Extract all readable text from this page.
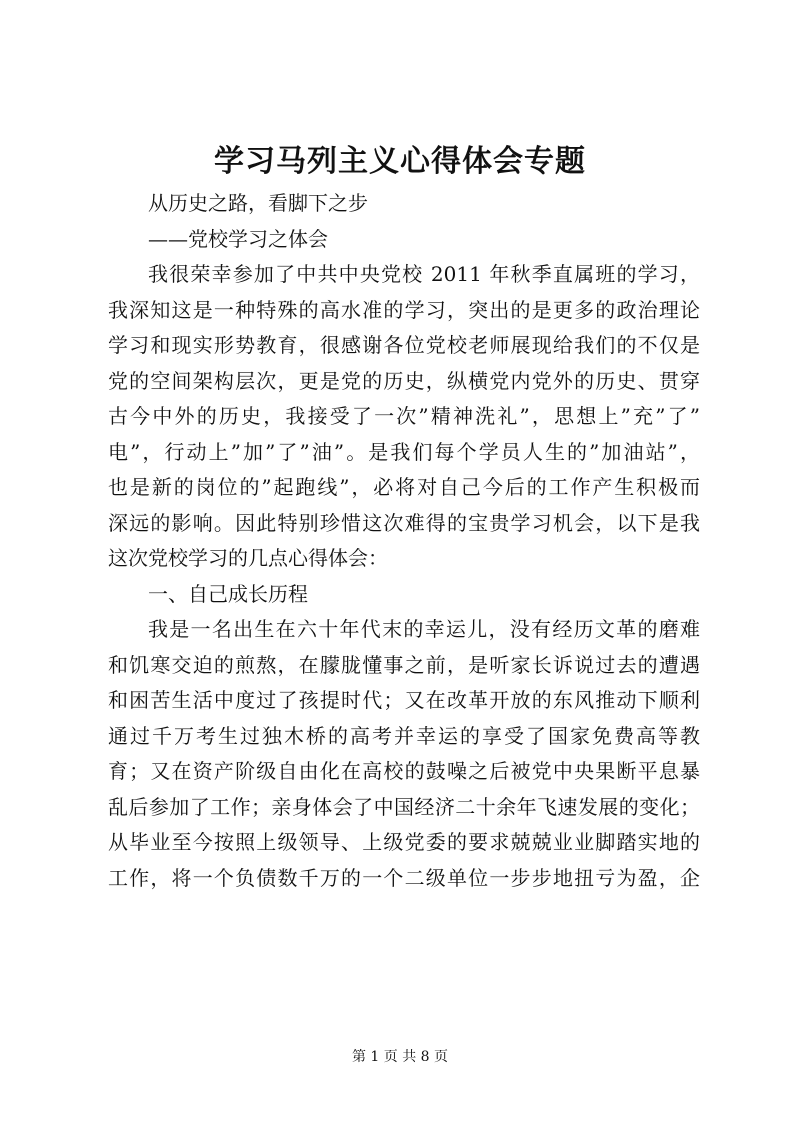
学习马列主义心得体会专题
从历史之路，看脚下之步
——党校学习之体会
我很荣幸参加了中共中央党校 2011 年秋季直属班的学习，
我深知这是一种特殊的高水准的学习，突出的是更多的政治理论
学习和现实形势教育，很感谢各位党校老师展现给我们的不仅是
党的空间架构层次，更是党的历史，纵横党内党外的历史、贯穿
古今中外的历史，我接受了一次”精神洗礼”，思想上”充”了”
电”，行动上”加”了”油”。是我们每个学员人生的”加油站”，
也是新的岗位的”起跑线”，必将对自己今后的工作产生积极而
深远的影响。因此特别珍惜这次难得的宝贵学习机会，以下是我
这次党校学习的几点心得体会：
一、自己成长历程
我是一名出生在六十年代末的幸运儿，没有经历文革的磨难
和饥寒交迫的煎熬，在朦胧懂事之前，是听家长诉说过去的遭遇
和困苦生活中度过了孩提时代；又在改革开放的东风推动下顺利
通过千万考生过独木桥的高考并幸运的享受了国家免费高等教
育；又在资产阶级自由化在高校的鼓噪之后被党中央果断平息暴
乱后参加了工作；亲身体会了中国经济二十余年飞速发展的变化；
从毕业至今按照上级领导、上级党委的要求兢兢业业脚踏实地的
工作，将一个负债数千万的一个二级单位一步步地扭亏为盈，企
第 1 页 共 8 页
